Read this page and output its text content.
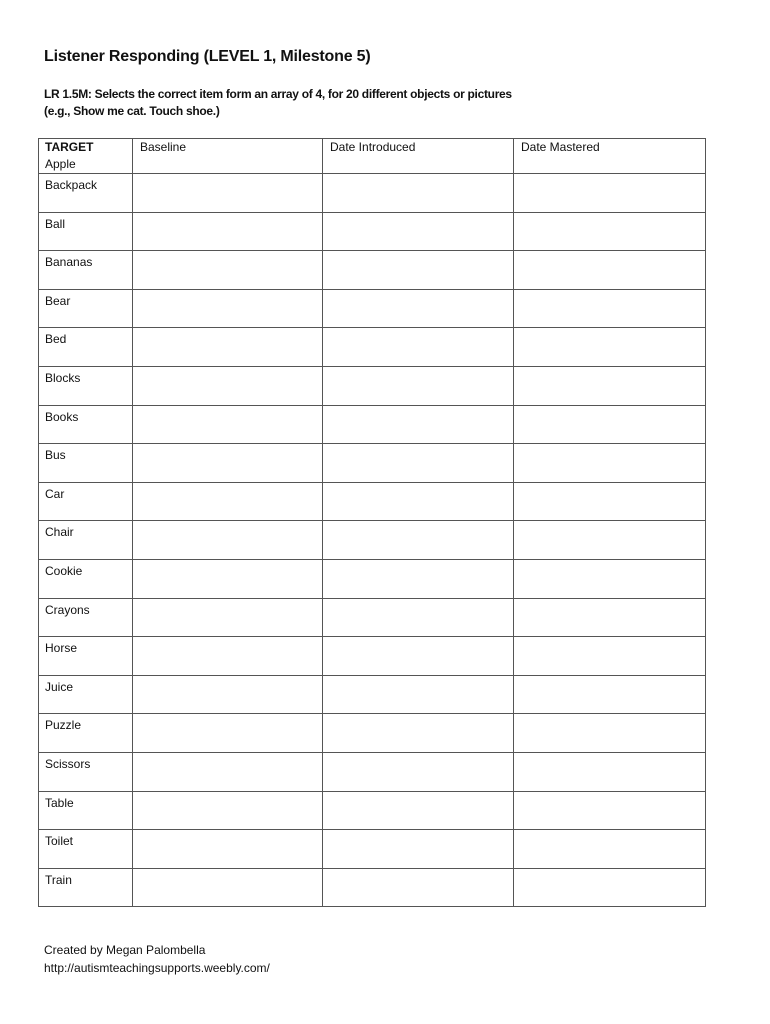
Listener Responding (LEVEL 1, Milestone 5)
LR 1.5M: Selects the correct item form an array of 4, for 20 different objects or pictures
(e.g., Show me cat. Touch shoe.)
TARGET	Baseline	Date Introduced	Date Mastered
Apple			
Backpack			
Ball			
Bananas			
Bear			
Bed			
Blocks			
Books			
Bus			
Car			
Chair			
Cookie			
Crayons			
Horse			
Juice			
Puzzle			
Scissors			
Table			
Toilet			
Train			
Created by Megan Palombella
http://autismteachingsupports.weebly.com/
